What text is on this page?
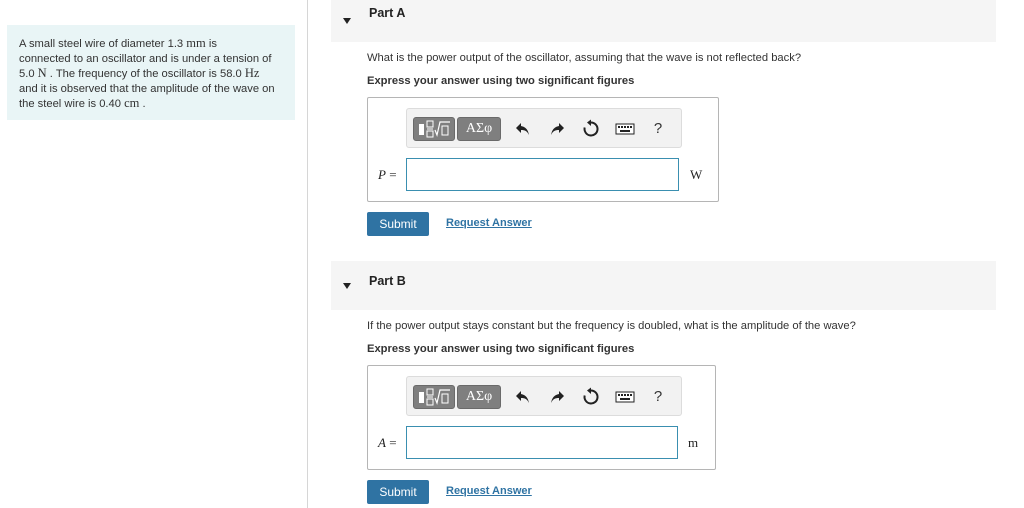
A small steel wire of diameter 1.3 mm is
connected to an oscillator and is under a tension of
5.0 N . The frequency of the oscillator is 58.0 Hz
and it is observed that the amplitude of the wave on
the steel wire is 0.40 cm .
Part A
What is the power output of the oscillator, assuming that the wave is not reflected back?
Express your answer using two significant figures
ΑΣφ	?
P =	W
Submit	Request Answer
Part B
If the power output stays constant but the frequency is doubled, what is the amplitude of the wave?
Express your answer using two significant figures
ΑΣφ	?
A =	m
Submit	Request Answer
